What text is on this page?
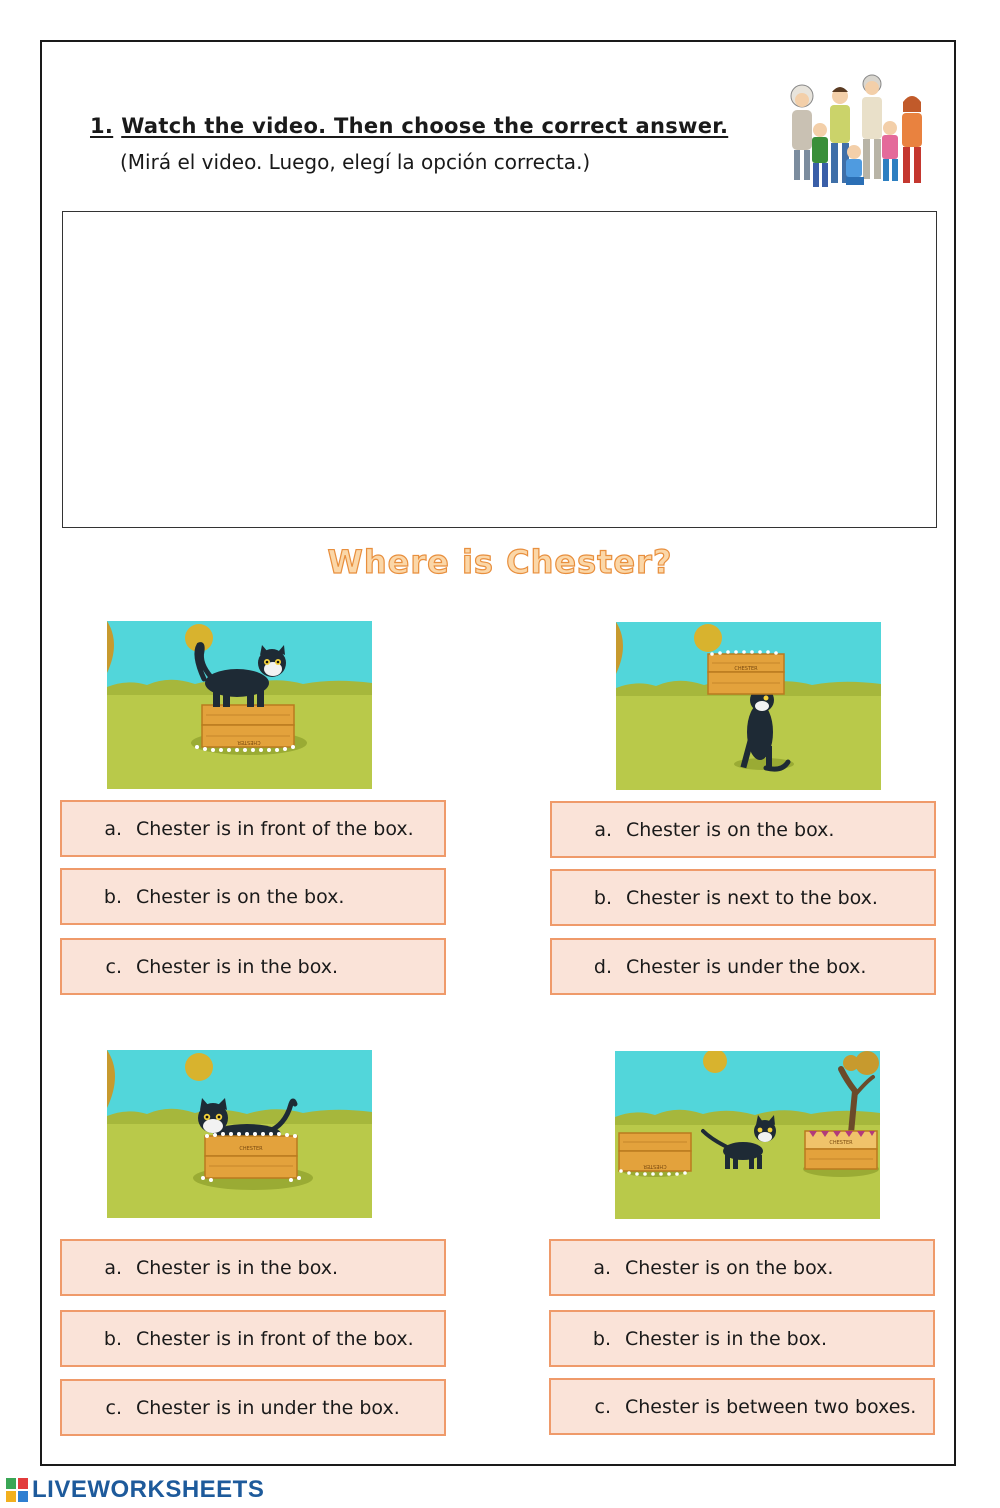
1. Watch the video. Then choose the correct answer.
(Mirá el video. Luego, elegí la opción correcta.)
Where is Chester?
CHESTER
CHESTER
CHESTER
CHESTER
CHESTER
a. Chester is in front of the box.
b. Chester is on the box.
c. Chester is in the box.
a. Chester is on the box.
b. Chester is next to the box.
d. Chester is under the box.
a. Chester is in the box.
b. Chester is in front of the box.
c. Chester is in under the box.
a. Chester is on the box.
b. Chester is in the box.
c. Chester is between two boxes.
LIVEWORKSHEETS
